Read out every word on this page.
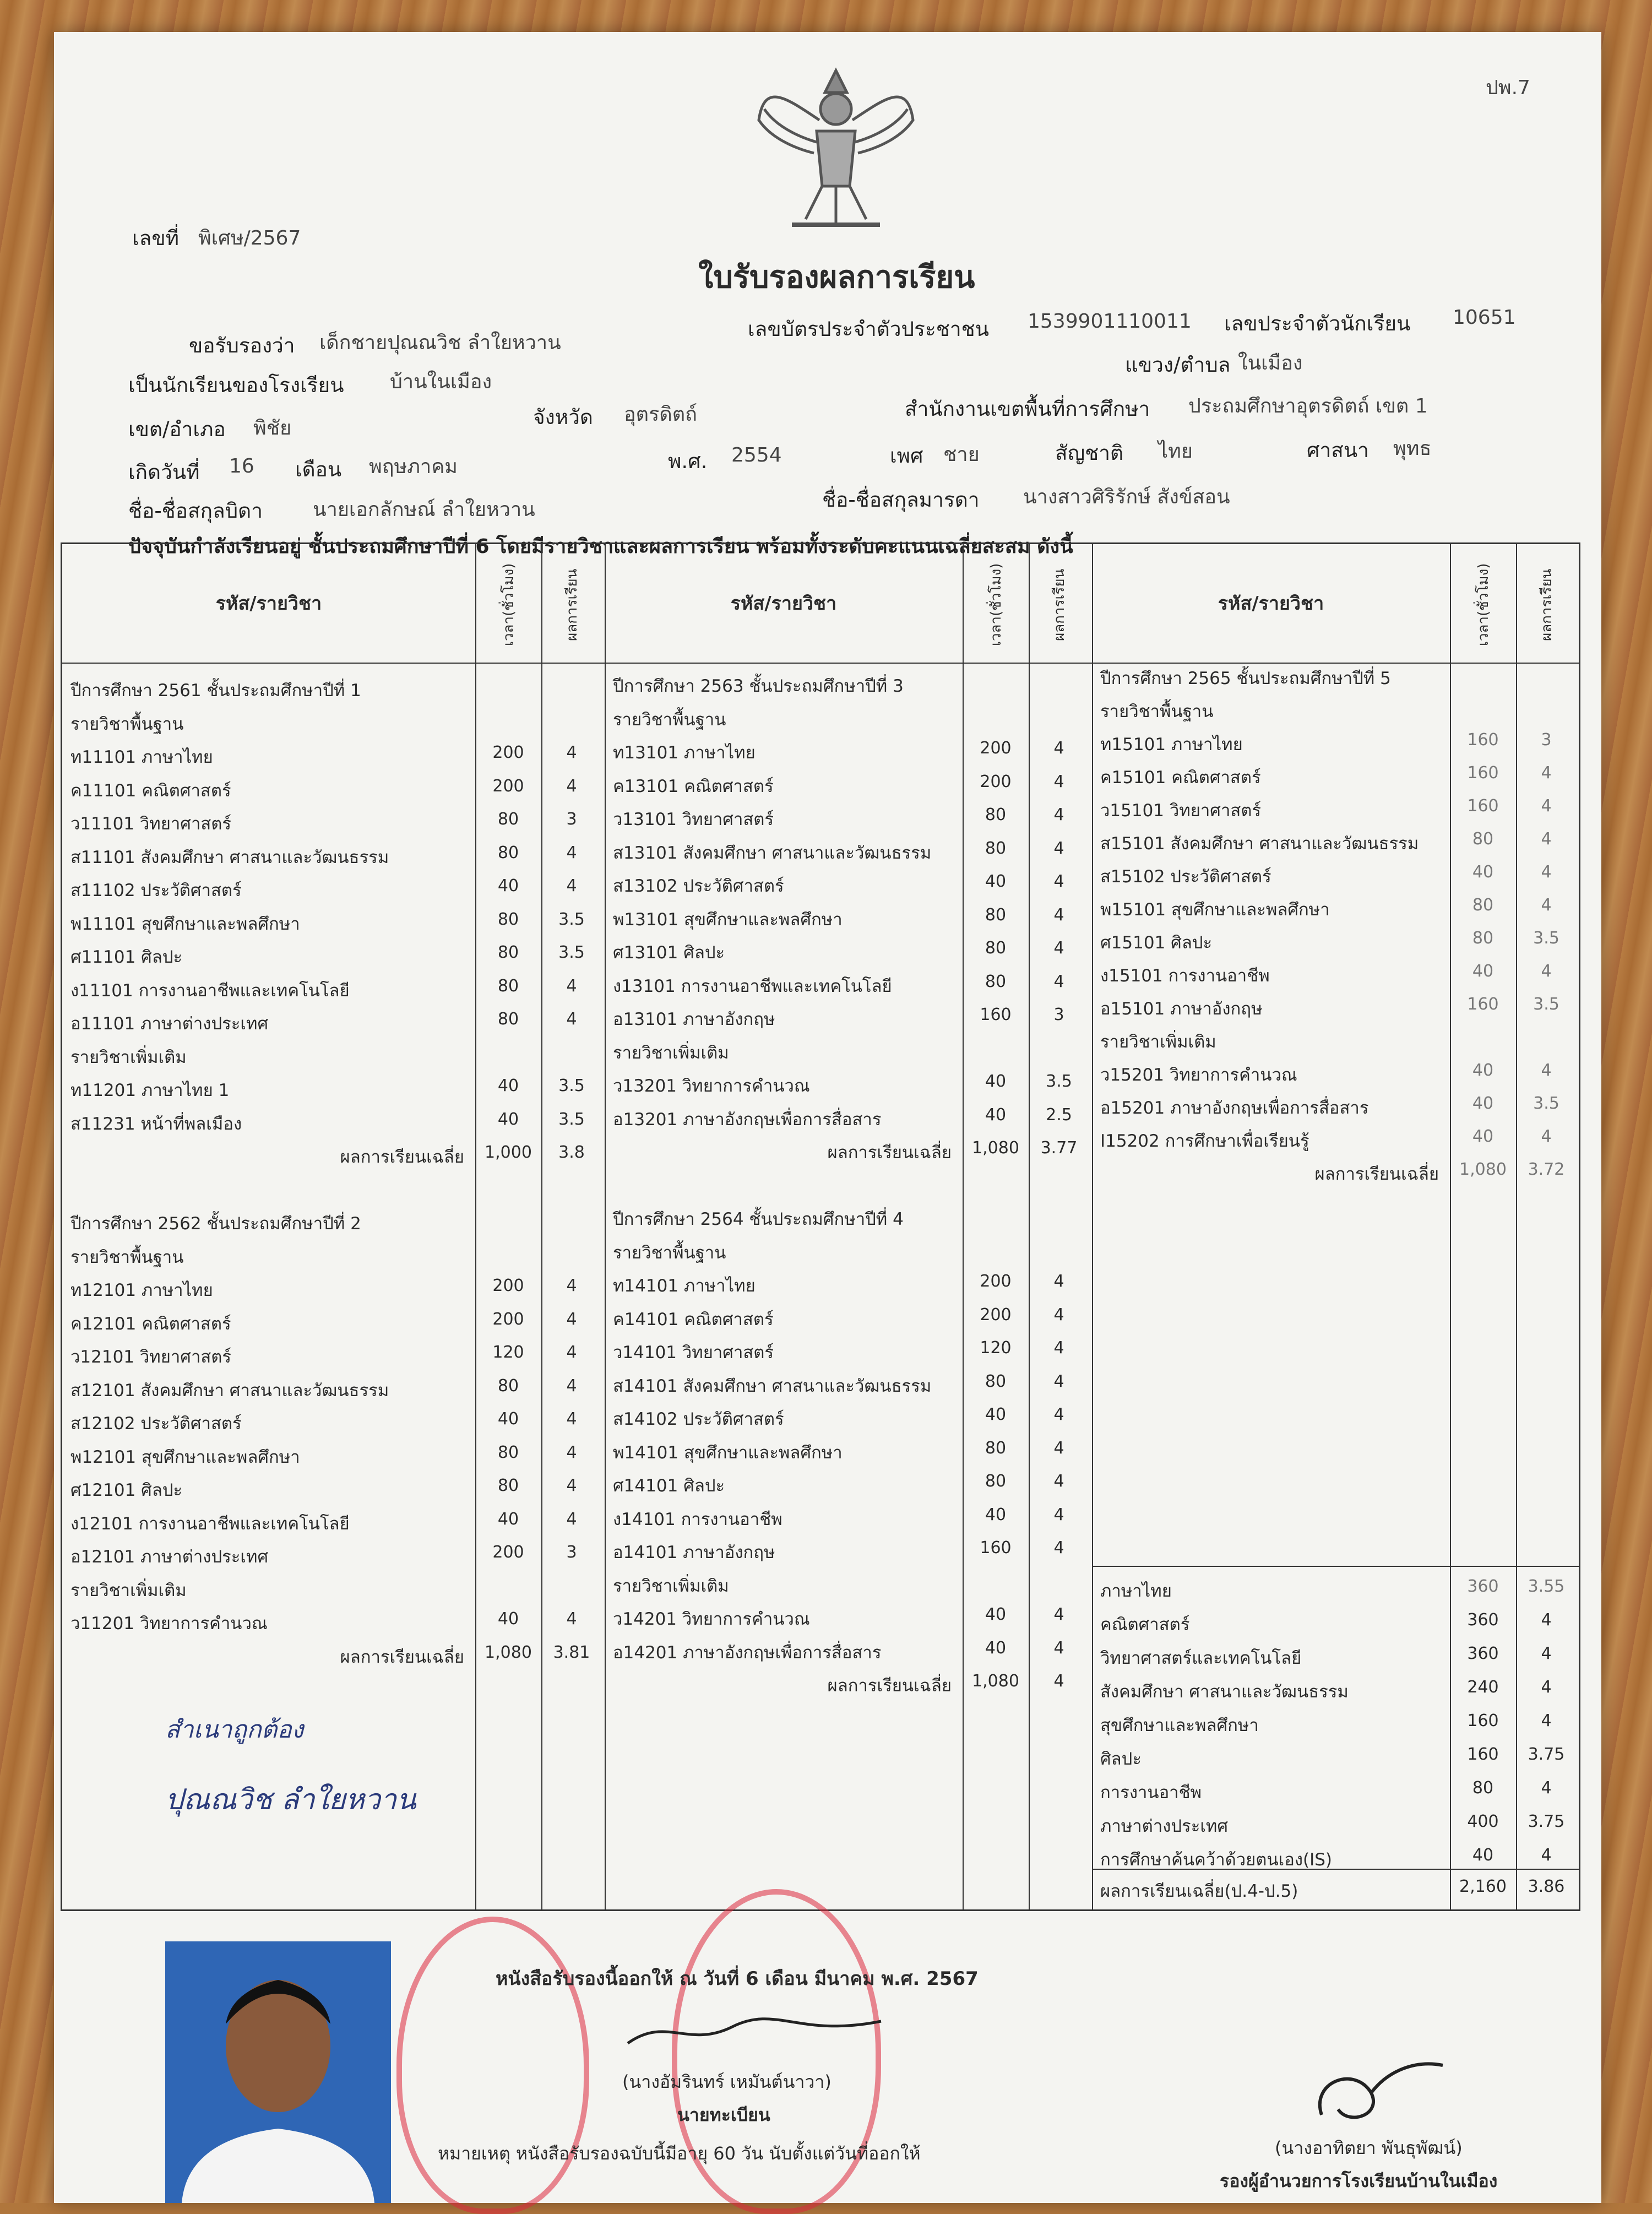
ปพ.7
เลขที่ พิเศษ/2567
ใบรับรองผลการเรียน
ขอรับรองว่า เด็กชายปุณณวิช ลำใยหวาน
เลขบัตรประจำตัวประชาชน 1539901110011 เลขประจำตัวนักเรียน 10651
เป็นนักเรียนของโรงเรียน บ้านในเมือง
แขวง/ตำบล ในเมือง
เขต/อำเภอ พิชัย	จังหวัด อุตรดิตถ์	สำนักงานเขตพื้นที่การศึกษา ประถมศึกษาอุตรดิตถ์ เขต 1
เกิดวันที่ 16 เดือน พฤษภาคม	พ.ศ. 2554	เพศ ชาย	สัญชาติ ไทย	ศาสนา พุทธ
ชื่อ-ชื่อสกุลบิดา	นายเอกลักษณ์ ลำใยหวาน	ชื่อ-ชื่อสกุลมารดา นางสาวศิริรักษ์ สังข์สอน
ปัจจุบันกำลังเรียนอยู่ ชั้นประถมศึกษาปีที่ 6 โดยมีรายวิชาและผลการเรียน พร้อมทั้งระดับคะแนนเฉลี่ยสะสม ดังนี้
รหัส/รายวิชา	เวลา(ชั่วโมง)	ผลการเรียน	รหัส/รายวิชา	เวลา(ชั่วโมง)	ผลการเรียน	รหัส/รายวิชา	เวลา(ชั่วโมง)	ผลการเรียน
ปีการศึกษา 2561 ชั้นประถมศึกษาปีที่ 1
รายวิชาพื้นฐาน
ท11101 ภาษาไทย	200	4
ค11101 คณิตศาสตร์	200	4
ว11101 วิทยาศาสตร์	80	3
ส11101 สังคมศึกษา ศาสนาและวัฒนธรรม	80	4
ส11102 ประวัติศาสตร์	40	4
พ11101 สุขศึกษาและพลศึกษา	80	3.5
ศ11101 ศิลปะ	80	3.5
ง11101 การงานอาชีพและเทคโนโลยี	80	4
อ11101 ภาษาต่างประเทศ	80	4
รายวิชาเพิ่มเติม
ท11201 ภาษาไทย 1	40	3.5
ส11231 หน้าที่พลเมือง	40	3.5
ผลการเรียนเฉลี่ย	1,000	3.8
ปีการศึกษา 2562 ชั้นประถมศึกษาปีที่ 2
รายวิชาพื้นฐาน
ท12101 ภาษาไทย	200	4
ค12101 คณิตศาสตร์	200	4
ว12101 วิทยาศาสตร์	120	4
ส12101 สังคมศึกษา ศาสนาและวัฒนธรรม	80	4
ส12102 ประวัติศาสตร์	40	4
พ12101 สุขศึกษาและพลศึกษา	80	4
ศ12101 ศิลปะ	80	4
ง12101 การงานอาชีพและเทคโนโลยี	40	4
อ12101 ภาษาต่างประเทศ	200	3
รายวิชาเพิ่มเติม
ว11201 วิทยาการคำนวณ	40	4
ผลการเรียนเฉลี่ย	1,080	3.81
ปีการศึกษา 2563 ชั้นประถมศึกษาปีที่ 3
รายวิชาพื้นฐาน
ท13101 ภาษาไทย	200	4
ค13101 คณิตศาสตร์	200	4
ว13101 วิทยาศาสตร์	80	4
ส13101 สังคมศึกษา ศาสนาและวัฒนธรรม	80	4
ส13102 ประวัติศาสตร์	40	4
พ13101 สุขศึกษาและพลศึกษา	80	4
ศ13101 ศิลปะ	80	4
ง13101 การงานอาชีพและเทคโนโลยี	80	4
อ13101 ภาษาอังกฤษ	160	3
รายวิชาเพิ่มเติม
ว13201 วิทยาการคำนวณ	40	3.5
อ13201 ภาษาอังกฤษเพื่อการสื่อสาร	40	2.5
ผลการเรียนเฉลี่ย	1,080	3.77
ปีการศึกษา 2564 ชั้นประถมศึกษาปีที่ 4
รายวิชาพื้นฐาน
ท14101 ภาษาไทย	200	4
ค14101 คณิตศาสตร์	200	4
ว14101 วิทยาศาสตร์	120	4
ส14101 สังคมศึกษา ศาสนาและวัฒนธรรม	80	4
ส14102 ประวัติศาสตร์	40	4
พ14101 สุขศึกษาและพลศึกษา	80	4
ศ14101 ศิลปะ	80	4
ง14101 การงานอาชีพ	40	4
อ14101 ภาษาอังกฤษ	160	4
รายวิชาเพิ่มเติม
ว14201 วิทยาการคำนวณ	40	4
อ14201 ภาษาอังกฤษเพื่อการสื่อสาร	40	4
ผลการเรียนเฉลี่ย	1,080	4
ปีการศึกษา 2565 ชั้นประถมศึกษาปีที่ 5
รายวิชาพื้นฐาน
ท15101 ภาษาไทย	160	3
ค15101 คณิตศาสตร์	160	4
ว15101 วิทยาศาสตร์	160	4
ส15101 สังคมศึกษา ศาสนาและวัฒนธรรม	80	4
ส15102 ประวัติศาสตร์	40	4
พ15101 สุขศึกษาและพลศึกษา	80	4
ศ15101 ศิลปะ	80	3.5
ง15101 การงานอาชีพ	40	4
อ15101 ภาษาอังกฤษ	160	3.5
รายวิชาเพิ่มเติม
ว15201 วิทยาการคำนวณ	40	4
อ15201 ภาษาอังกฤษเพื่อการสื่อสาร	40	3.5
I15202 การศึกษาเพื่อเรียนรู้	40	4
ผลการเรียนเฉลี่ย	1,080	3.72
ภาษาไทย	360	3.55
คณิตศาสตร์	360	4
วิทยาศาสตร์และเทคโนโลยี	360	4
สังคมศึกษา ศาสนาและวัฒนธรรม	240	4
สุขศึกษาและพลศึกษา	160	4
ศิลปะ	160	3.75
การงานอาชีพ	80	4
ภาษาต่างประเทศ	400	3.75
การศึกษาค้นคว้าด้วยตนเอง(IS)	40	4
ผลการเรียนเฉลี่ย(ป.4-ป.5)	2,160	3.86
สำเนาถูกต้อง
ปุณณวิช ลำใยหวาน
หนังสือรับรองนี้ออกให้ ณ วันที่ 6 เดือน มีนาคม พ.ศ. 2567
(นางอัมรินทร์ เหมันต์นาวา)
นายทะเบียน
หมายเหตุ หนังสือรับรองฉบับนี้มีอายุ 60 วัน นับตั้งแต่วันที่ออกให้	(นางอาทิตยา พันธุพัฒน์)
รองผู้อำนวยการโรงเรียนบ้านในเมือง
